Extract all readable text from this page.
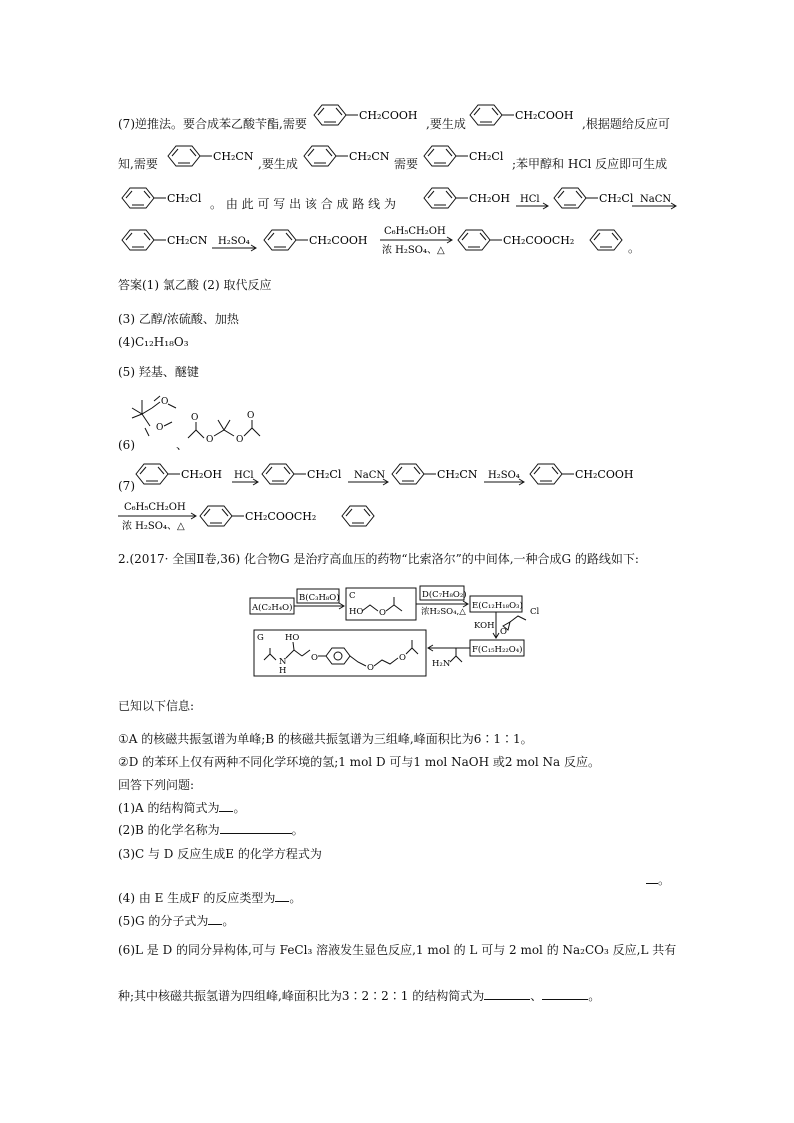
(7)逆推法。要合成苯乙酸苄酯,需要	,要生成	,根据题给反应可
知,需要	,要生成	需要	;苯甲醇和 HCl 反应即可生成
。 由 此 可 写 出 该 合 成 路 线 为
。
答案(1) 氯乙酸 (2) 取代反应
(3) 乙醇/浓硫酸、加热
(4)C₁₂H₁₈O₃
(5) 羟基、醚键
(6)	、
(7)
2.(2017· 全国Ⅱ卷,36) 化合物G 是治疗高血压的药物“比索洛尔”的中间体,一种合成G 的路线如下:
已知以下信息:
①A 的核磁共振氢谱为单峰;B 的核磁共振氢谱为三组峰,峰面积比为6∶1∶1。
②D 的苯环上仅有两种不同化学环境的氢;1 mol D 可与1 mol NaOH 或2 mol Na 反应。
回答下列问题:
(1)A 的结构简式为 。
(2)B 的化学名称为	。
(3)C 与 D 反应生成E 的化学方程式为
。
(4) 由 E 生成F 的反应类型为 。
(5)G 的分子式为 。
(6)L 是 D 的同分异构体,可与 FeCl₃ 溶液发生显色反应,1 mol 的 L 可与 2 mol 的 Na₂CO₃ 反应,L 共有
种;其中核磁共振氢谱为四组峰,峰面积比为3∶2∶2∶1 的结构简式为	、	。
CH₂COOH	CH₂COOH
CH₂CN	CH₂CN	CH₂Cl
CH₂Cl	CH₂OH HCl	CH₂Cl NaCN
CH₂CN H₂SO₄	CH₂COOH
C₆H₅CH₂OH
浓 H₂SO₄、△
CH₂COOCH₂
O
O
O
O	O
O
CH₂OH HCl	CH₂Cl NaCN	CH₂CN H₂SO₄	CH₂COOH
C₆H₅CH₂OH
浓 H₂SO₄、△
CH₂COOCH₂
A(C₂H₄O)
B(C₃H₈O) C
HO O
D(C₇H₈O₂)
浓H₂SO₄,△
E(C₁₂H₁₈O₃)
KOH
O
Cl
F(C₁₅H₂₂O₄)
H₂N
G
N
H
HO
O
O
O
